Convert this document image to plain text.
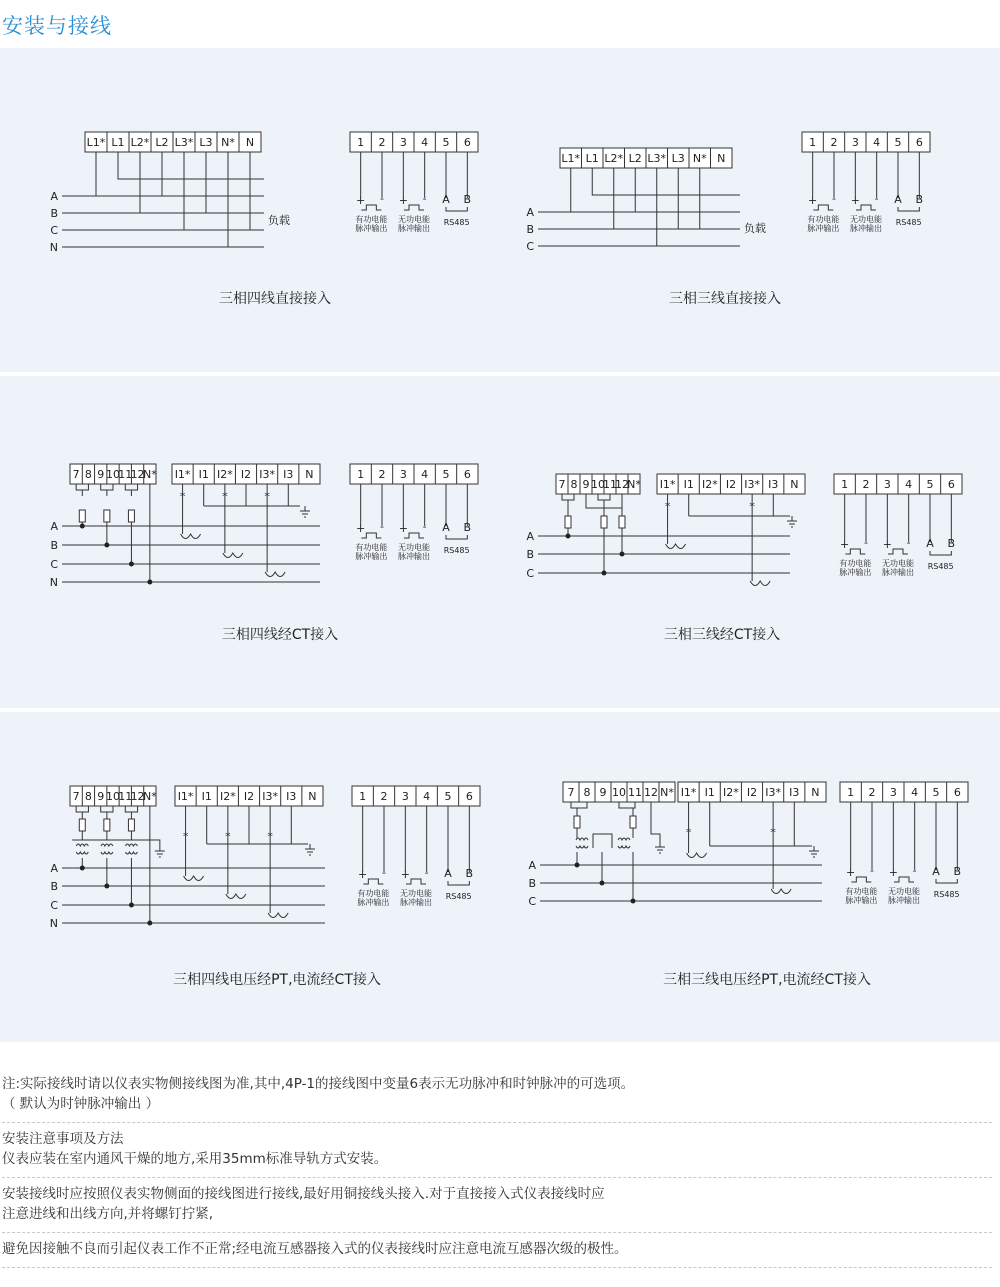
安装与接线
三相四线直接接入	三相三线直接接入
L1* L1 L2* L2 L3* L3 N* N
A
B
C
N
负载
1 2 3 4 5 6
+ - + - A B
有功电能
脉冲输出
无功电能
脉冲输出
RS485
L1* L1 L2* L2 L3* L3 N* N
A
B
C
负载
1 2 3 4 5 6
+ - + - A B
有功电能
脉冲输出
无功电能
脉冲输出
RS485
三相四线经CT接入	三相三线经CT接入
7 8 9 10
11
12
N* I1* I1 I2* I2 I3* I3 N
A
B
C
N
*	*	*
1 2 3 4 5 6
+ - + - A B
有功电能
脉冲输出
无功电能
脉冲输出
RS485
7 8 9 10
11
12
N* I1* I1 I2* I2 I3* I3 N
A
B
C
*	*
1 2 3 4 5 6
+ - + - A B
有功电能
脉冲输出
无功电能
脉冲输出
RS485
三相四线电压经PT,电流经CT接入	三相三线电压经PT,电流经CT接入
7 8 9 10
11
12
N* I1* I1 I2* I2 I3* I3 N
A
B
C
N
*	*	*
1 2 3 4 5 6
+ - + - A B
有功电能
脉冲输出
无功电能
脉冲输出
RS485
7 8 9 10 11 12 N* I1* I1 I2* I2 I3* I3 N
A
B
C
*	*
1 2 3 4 5 6
+ - + - A B
有功电能
脉冲输出
无功电能
脉冲输出
RS485
注:实际接线时请以仪表实物侧接线图为准,其中,4P-1的接线图中变量6表示无功脉冲和时钟脉冲的可选项。
（ 默认为时钟脉冲输出 ）
安装注意事项及方法
仪表应装在室内通风干燥的地方,采用35mm标准导轨方式安装。
安装接线时应按照仪表实物侧面的接线图进行接线,最好用铜接线头接入.对于直接接入式仪表接线时应
注意进线和出线方向,并将螺钉拧紧,
避免因接触不良而引起仪表工作不正常;经电流互感器接入式的仪表接线时应注意电流互感器次级的极性。
